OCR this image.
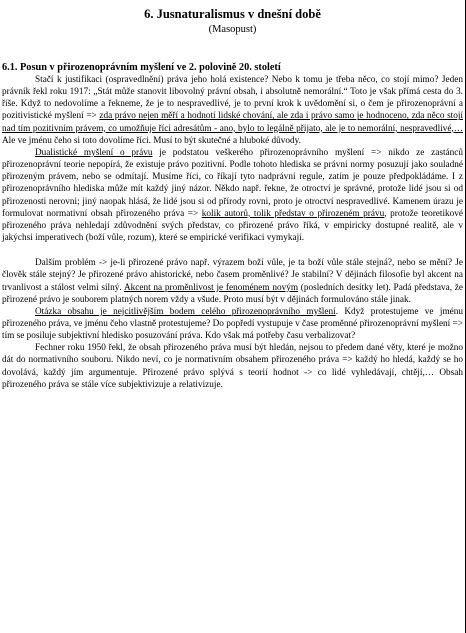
6. Jusnaturalismus v dnešní době
(Masopust)
6.1. Posun v přirozenoprávním myšlení ve 2. polovině 20. století

Stačí k justifikaci (ospravedlnění) práva jeho holá existence? Nebo k tomu je třeba něco, co stojí mimo? Jeden právník řekl roku 1917: „Stát může stanovit libovolný právní obsah, i absolutně nemorální.“ Toto je však přímá cesta do 3. říše. Když to nedovolíme a řekneme, že je to nespravedlivé, je to první krok k uvědomění si, o čem je přirozenoprávní a pozitivistické myšlení => zda právo nejen měří a hodnotí lidské chování, ale zda i právo samo je hodnoceno, zda něco stojí nad tím pozitivním právem, co umožňuje říci adresátům - ano, bylo to legálně přijato, ale je to nemorální, nespravedlivé,… Ale ve jménu čeho si toto dovolíme říci. Musí to být skutečné a hluboké důvody.

Dualistické myšlení o právu je podstatou veškerého přirozenoprávního myšlení => nikdo ze zastánců přirozenoprávní teorie nepopírá, že existuje právo pozitivní. Podle tohoto hlediska se právní normy posuzují jako souladné přirozeným právem, nebo se odmítají. Musíme říci, co říkají tyto nadprávní regule, zatím je pouze předpokládáme. I z přirozenoprávního hlediska může mít každý jiný názor. Někdo např. řekne, že otroctví je správné, protože lidé jsou si od přirozenosti nerovni; jiný naopak hlásá, že lidé jsou si od přírody rovni, proto je otroctví nespravedlivé. Kamenem úrazu je formulovat normativní obsah přirozeného práva => kolik autorů, tolik představ o přirozeném právu, protože teoretikové přirozeného práva nehledají zdůvodnění svých představ, co přirozené právo říká, v empiricky dostupné realitě, ale v jakýchsi imperativech (boží vůle, rozum), které se empirické verifikaci vymykají.

Dalším problém -> je-li přirozené právo např. výrazem boží vůle, je ta boží vůle stále stejná?, nebo se mění? Je člověk stále stejný? Je přirozené právo ahistorické, nebo časem proměnlivé? Je stabilní? V dějinách filosofie byl akcent na trvanlivost a stálost velmi silný. Akcent na proměnlivost je fenoménem novým (posledních desítky let). Padá představa, že přirozené právo je souborem platných norem vždy a všude. Proto musí být v dějinách formulováno stále jinak.

Otázka obsahu je nejcitlivějším bodem celého přirozenoprávního myšlení. Když protestujeme ve jménu přirozeného práva, ve jménu čeho vlastně protestujeme? Do popředí vystupuje v čase proměnné přirozenoprávní myšlení => tím se posiluje subjektivní hledisko posuzování práva. Kdo však má potřeby času verbalizovat?

Fechner roku 1950 řekl, že obsah přirozeného práva musí být hledán, nejsou to předem dané věty, které je možno dát do normativního souboru. Nikdo neví, co je normativním obsahem přirozeného práva => každý ho hledá, každý se ho dovolává, každý jím argumentuje. Přirozené právo splývá s teorií hodnot -> co lidé vyhledávají, chtějí,… Obsah přirozeného práva se stále více subjektivizuje a relativizuje.
